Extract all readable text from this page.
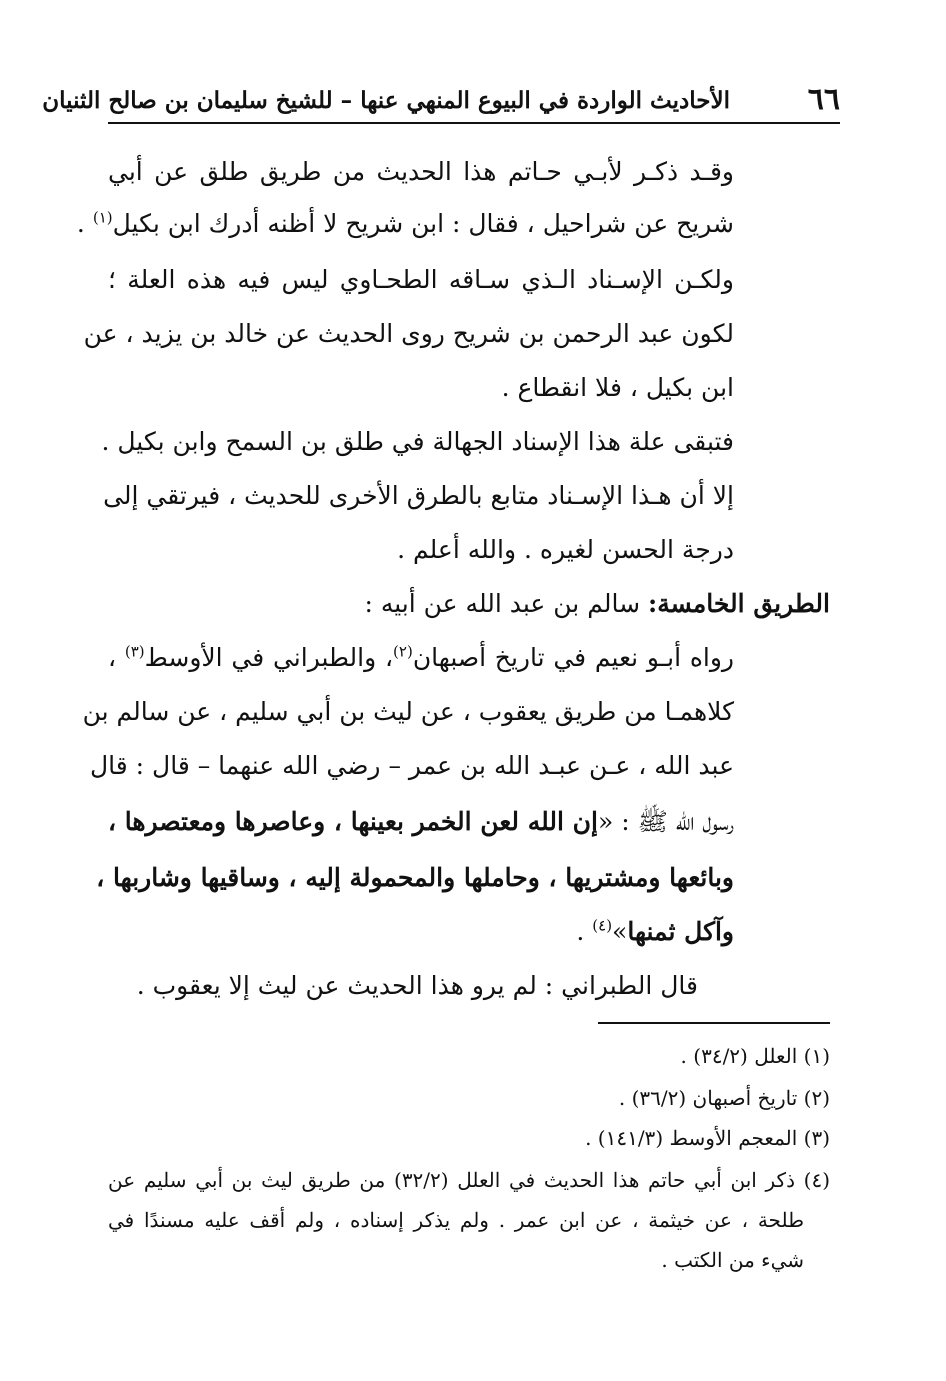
٦٦
الأحاديث الواردة في البيوع المنهي عنها – للشيخ سليمان بن صالح الثنيان
وقـد ذكـر لأبـي حـاتم هذا الحديث من طريق طلق عن أبي
شريح عن شراحيل ، فقال : ابن شريح لا أظنه أدرك ابن بكيل$^{(١)}$ .
ولكـن الإسـناد الـذي سـاقه الطحـاوي ليس فيه هذه العلة ؛
لكون عبد الرحمن بن شريح روى الحديث عن خالد بن يزيد ، عن
ابن بكيل ، فلا انقطاع .
فتبقى علة هذا الإسناد الجهالة في طلق بن السمح وابن بكيل .
إلا أن هـذا الإسـناد متابع بالطرق الأخرى للحديث ، فيرتقي إلى
درجة الحسن لغيره . والله أعلم .
الطريق الخامسة: سالم بن عبد الله عن أبيه :
رواه أبـو نعيم في تاريخ أصبهان$^{(٢)}$، والطبراني في الأوسط$^{(٣)}$ ،
كلاهمـا من طريق يعقوب ، عن ليث بن أبي سليم ، عن سالم بن
عبد الله ، عـن عبـد الله بن عمر – رضي الله عنهما – قال : قال
رسول الله ﷺ : «إن الله لعن الخمر بعينها ، وعاصرها ومعتصرها ،
وبائعها ومشتريها ، وحاملها والمحمولة إليه ، وساقيها وشاربها ،
وآكل ثمنها»$^{(٤)}$ .
قال الطبراني : لم يرو هذا الحديث عن ليث إلا يعقوب .
(١) العلل (٣٤/٢) .
(٢) تاريخ أصبهان (٣٦/٢) .
(٣) المعجم الأوسط (١٤١/٣) .
(٤) ذكر ابن أبي حاتم هذا الحديث في العلل (٣٢/٢) من طريق ليث بن أبي سليم عن
طلحة ، عن خيثمة ، عن ابن عمر . ولم يذكر إسناده ، ولم أقف عليه مسندًا في
شيء من الكتب .
